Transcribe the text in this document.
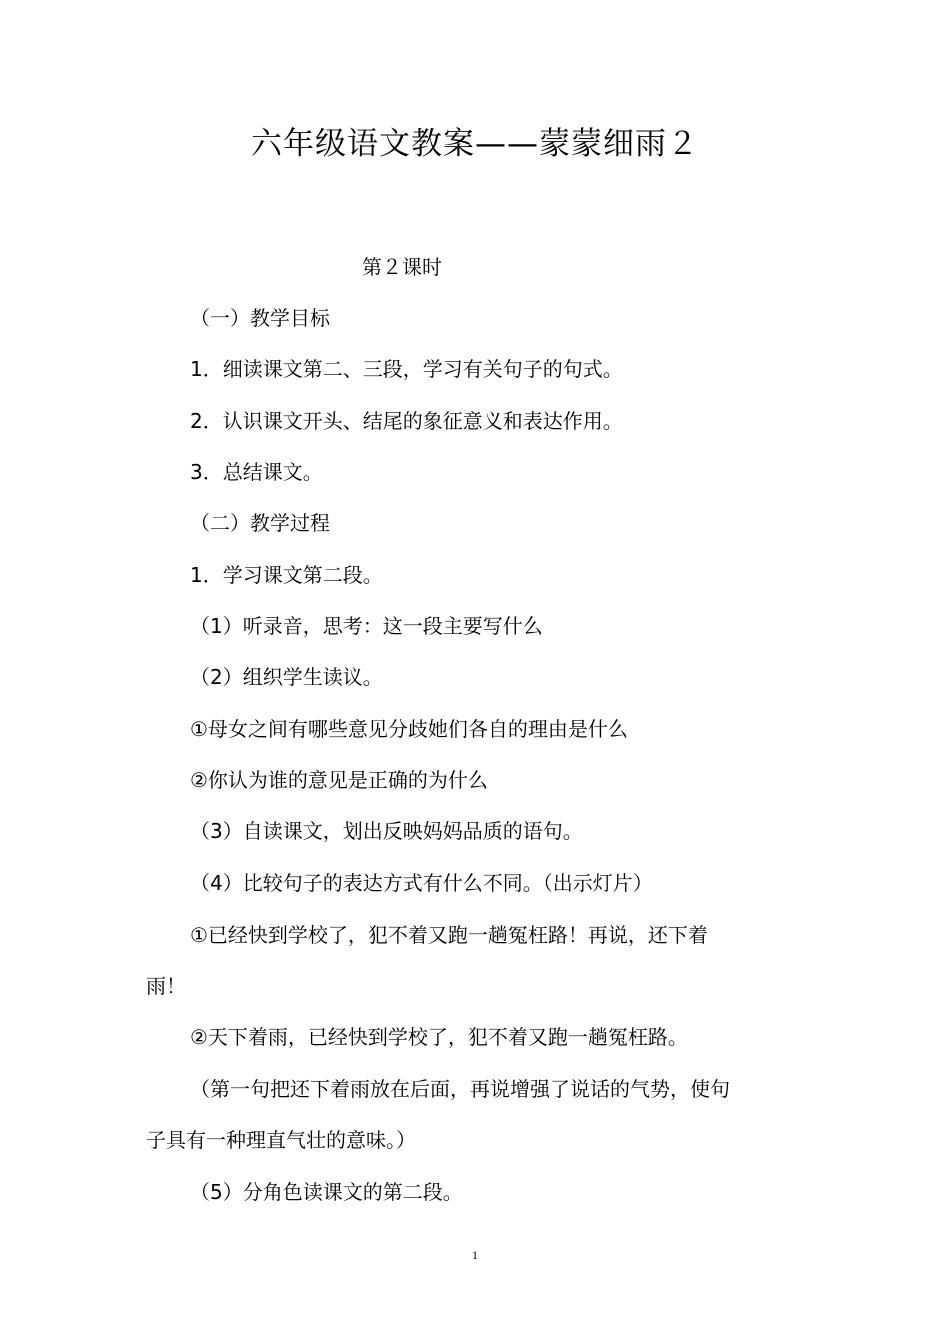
六年级语文教案——蒙蒙细雨２
第２课时
（一）教学目标
1．细读课文第二、三段，学习有关句子的句式。
2．认识课文开头、结尾的象征意义和表达作用。
3．总结课文。
（二）教学过程
1．学习课文第二段。
（1）听录音，思考：这一段主要写什么
（2）组织学生读议。
①母女之间有哪些意见分歧她们各自的理由是什么
②你认为谁的意见是正确的为什么
（3）自读课文，划出反映妈妈品质的语句。
（4）比较句子的表达方式有什么不同。（出示灯片）
①已经快到学校了，犯不着又跑一趟冤枉路！再说，还下着
雨！
②天下着雨，已经快到学校了，犯不着又跑一趟冤枉路。
（第一句把还下着雨放在后面，再说增强了说话的气势，使句
子具有一种理直气壮的意味。）
（5）分角色读课文的第二段。
1
